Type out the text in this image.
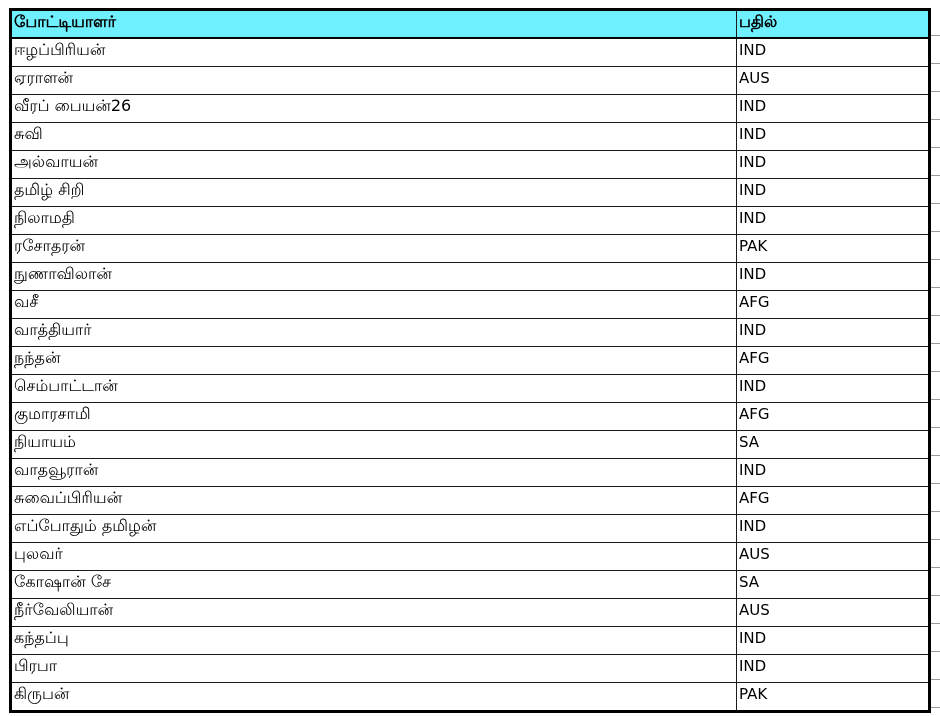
போட்டியாளர்	பதில்
ஈழப்பிரியன்	IND
ஏராளன்	AUS
வீரப் பையன்26	IND
சுவி	IND
அல்வாயன்	IND
தமிழ் சிறி	IND
நிலாமதி	IND
ரசோதரன்	PAK
நுணாவிலான்	IND
வசீ	AFG
வாத்தியார்	IND
நந்தன்	AFG
செம்பாட்டான்	IND
குமாரசாமி	AFG
நியாயம்	SA
வாதவூரான்	IND
சுவைப்பிரியன்	AFG
எப்போதும் தமிழன்	IND
புலவர்	AUS
கோஷான் சே	SA
நீர்வேலியான்	AUS
கந்தப்பு	IND
பிரபா	IND
கிருபன்	PAK
